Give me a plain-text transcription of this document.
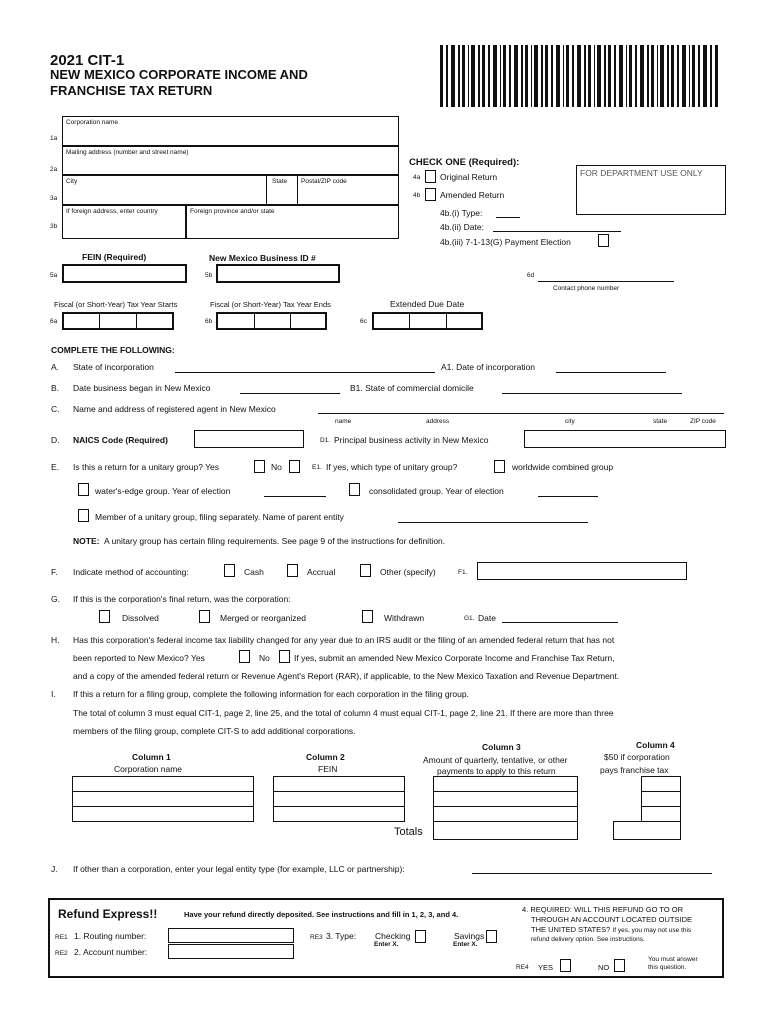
2021 CIT-1
NEW MEXICO CORPORATE INCOME AND
FRANCHISE TAX RETURN
Corporation name
Mailing address (number and street name)
City	State Postal/ZIP code
If foreign address, enter country	Foreign province and/or state
1a
2a
3a
3b
CHECK ONE (Required):
4a Original Return
4b Amended Return
4b.(i) Type:
4b.(ii) Date:
4b.(iii) 7-1-13(G) Payment Election
FOR DEPARTMENT USE ONLY
FEIN (Required)	New Mexico Business ID #
5a	5b	6d
Contact phone number
Fiscal (or Short-Year) Tax Year Starts	Fiscal (or Short-Year) Tax Year Ends	Extended Due Date
6a	6b	6c
COMPLETE THE FOLLOWING:
A. State of incorporation	A1. Date of incorporation
B. Date business began in New Mexico	B1. State of commercial domicile
C. Name and address of registered agent in New Mexico
name	address	city	state	ZIP code
D. NAICS Code (Required)	D1. Principal business activity in New Mexico
E. Is this a return for a unitary group? Yes	No	E1. If yes, which type of unitary group?	worldwide combined group
water's-edge group. Year of election	consolidated group. Year of election
Member of a unitary group, filing separately. Name of parent entity
NOTE: A unitary group has certain filing requirements. See page 9 of the instructions for definition.
F. Indicate method of accounting:	Cash	Accrual	Other (specify)	F1.
G. If this is the corporation's final return, was the corporation:
Dissolved	Merged or reorganized	Withdrawn	G1. Date
H. Has this corporation's federal income tax liability changed for any year due to an IRS audit or the filing of an amended federal return that has not
been reported to New Mexico? Yes	No	If yes, submit an amended New Mexico Corporate Income and Franchise Tax Return,
and a copy of the amended federal return or Revenue Agent's Report (RAR), if applicable, to the New Mexico Taxation and Revenue Department.
I. If this a return for a filing group, complete the following information for each corporation in the filing group.
The total of column 3 must equal CIT-1, page 2, line 25, and the total of column 4 must equal CIT-1, page 2, line 21. If there are more than three
members of the filing group, complete CIT-S to add additional corporations.
Column 1
Corporation name
Column 2
FEIN
Column 3
Amount of quarterly, tentative, or other
payments to apply to this return
Column 4
$50 if corporation
pays franchise tax
Totals
J. If other than a corporation, enter your legal entity type (for example, LLC or partnership):
Refund Express!!	Have your refund directly deposited. See instructions and fill in 1, 2, 3, and 4.
RE1 1. Routing number:
RE2 2. Account number:
RE3 3. Type: Checking
Enter X.
Savings
Enter X.
4. REQUIRED: WILL THIS REFUND GO TO OR
THROUGH AN ACCOUNT LOCATED OUTSIDE
THE UNITED STATES? If yes, you may not use this
refund delivery option. See instructions.
RE4 YES	NO
You must answer
this question.
